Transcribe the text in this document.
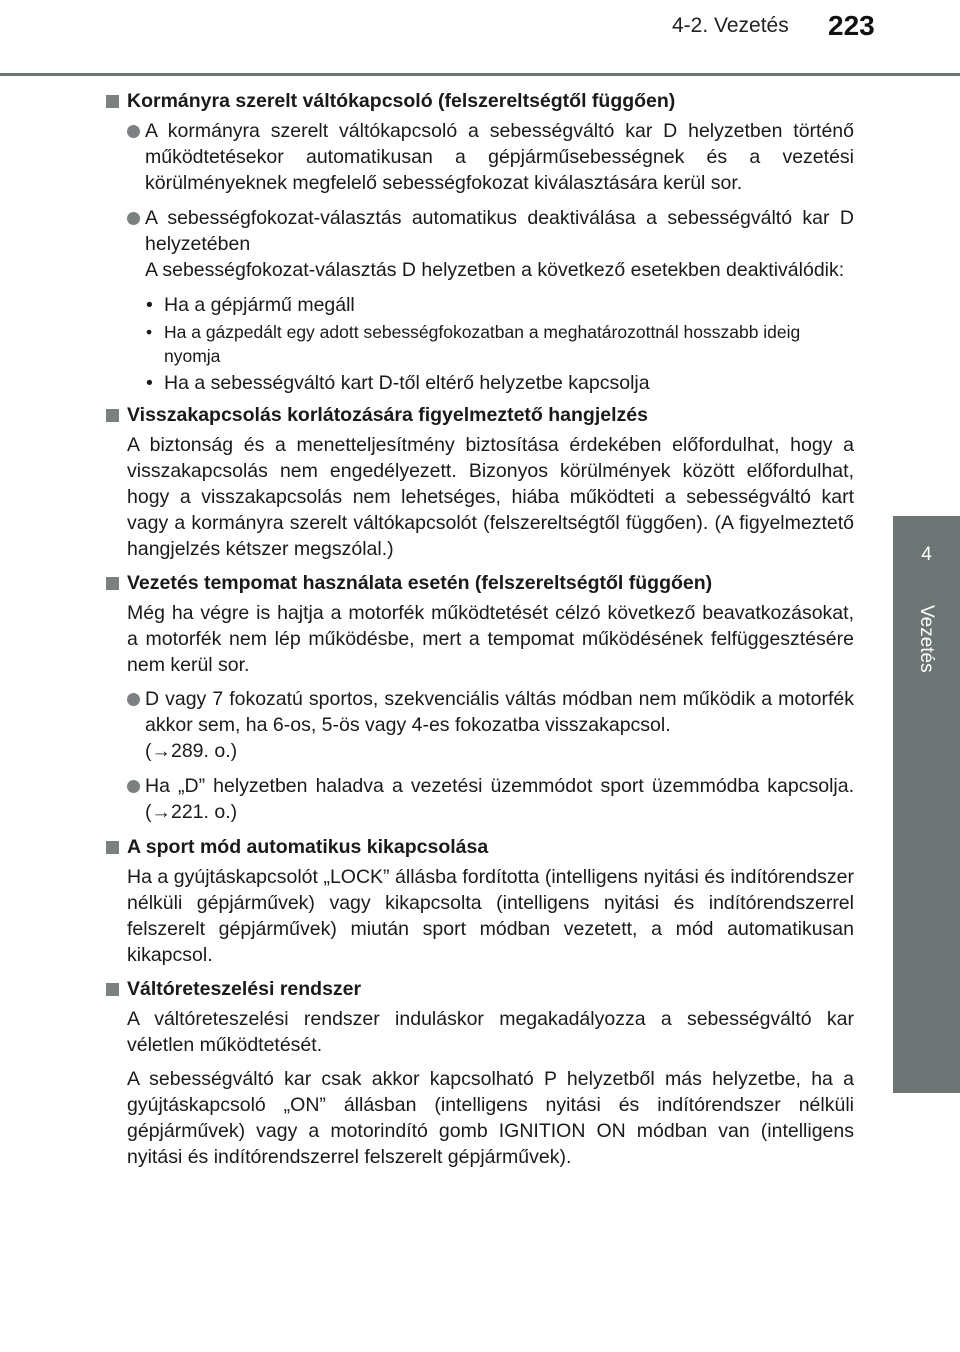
4-2. Vezetés 223
4
Vezetés
Kormányra szerelt váltókapcsoló (felszereltségtől függően)
A kormányra szerelt váltókapcsoló a sebességváltó kar D helyzetben történő működtetésekor automatikusan a gépjárműsebességnek és a vezetési körülményeknek megfelelő sebességfokozat kiválasztására kerül sor.
A sebességfokozat-választás automatikus deaktiválása a sebességváltó kar D helyzetében
A sebességfokozat-választás D helyzetben a következő esetekben deaktiválódik:
• Ha a gépjármű megáll
• Ha a gázpedált egy adott sebességfokozatban a meghatározottnál hosszabb ideig nyomja
• Ha a sebességváltó kart D-től eltérő helyzetbe kapcsolja
Visszakapcsolás korlátozására figyelmeztető hangjelzés
A biztonság és a menetteljesítmény biztosítása érdekében előfordulhat, hogy a visszakapcsolás nem engedélyezett. Bizonyos körülmények között előfordulhat, hogy a visszakapcsolás nem lehetséges, hiába működteti a sebességváltó kart vagy a kormányra szerelt váltókapcsolót (felszereltségtől függően). (A figyelmeztető hangjelzés kétszer megszólal.)
Vezetés tempomat használata esetén (felszereltségtől függően)
Még ha végre is hajtja a motorfék működtetését célzó következő beavatkozásokat, a motorfék nem lép működésbe, mert a tempomat működésének felfüggesztésére nem kerül sor.
D vagy 7 fokozatú sportos, szekvenciális váltás módban nem működik a motorfék akkor sem, ha 6-os, 5-ös vagy 4-es fokozatba visszakapcsol.
(→289. o.)
Ha „D” helyzetben haladva a vezetési üzemmódot sport üzemmódba kapcsolja. (→221. o.)
A sport mód automatikus kikapcsolása
Ha a gyújtáskapcsolót „LOCK” állásba fordította (intelligens nyitási és indítórendszer nélküli gépjárművek) vagy kikapcsolta (intelligens nyitási és indítórendszerrel felszerelt gépjárművek) miután sport módban vezetett, a mód automatikusan kikapcsol.
Váltóreteszelési rendszer
A váltóreteszelési rendszer induláskor megakadályozza a sebességváltó kar véletlen működtetését.
A sebességváltó kar csak akkor kapcsolható P helyzetből más helyzetbe, ha a gyújtáskapcsoló „ON” állásban (intelligens nyitási és indítórendszer nélküli gépjárművek) vagy a motorindító gomb IGNITION ON módban van (intelligens nyitási és indítórendszerrel felszerelt gépjárművek).
